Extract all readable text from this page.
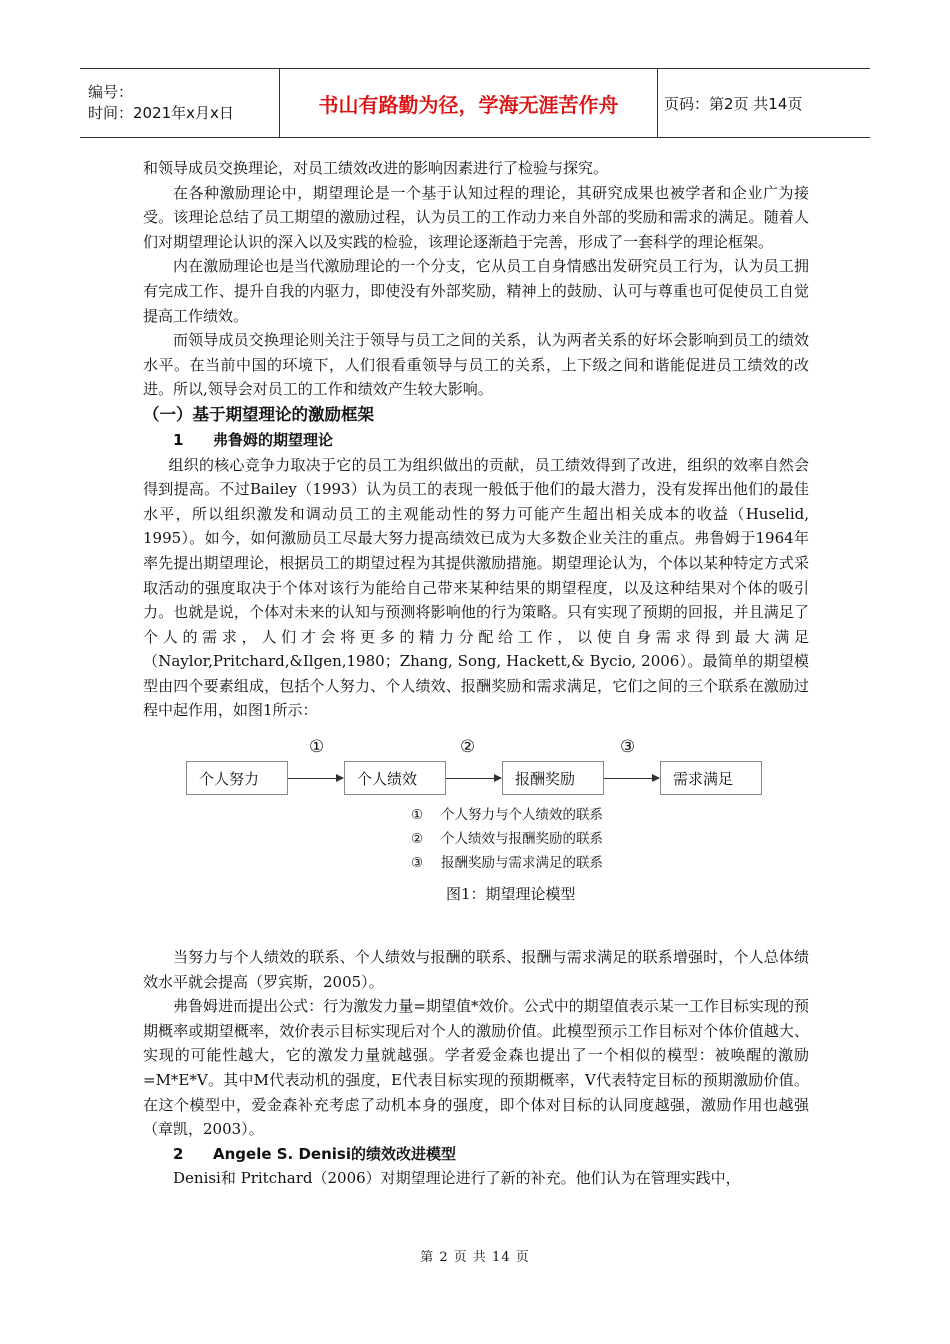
编号：
时间：2021年x月x日	书山有路勤为径，学海无涯苦作舟	页码：第2页 共14页

和领导成员交换理论，对员工绩效改进的影响因素进行了检验与探究。

在各种激励理论中，期望理论是一个基于认知过程的理论，其研究成果也被学者和企业广为接受。该理论总结了员工期望的激励过程，认为员工的工作动力来自外部的奖励和需求的满足。随着人们对期望理论认识的深入以及实践的检验，该理论逐渐趋于完善，形成了一套科学的理论框架。

内在激励理论也是当代激励理论的一个分支，它从员工自身情感出发研究员工行为，认为员工拥有完成工作、提升自我的内驱力，即使没有外部奖励，精神上的鼓励、认可与尊重也可促使员工自觉提高工作绩效。

而领导成员交换理论则关注于领导与员工之间的关系，认为两者关系的好坏会影响到员工的绩效水平。在当前中国的环境下，人们很看重领导与员工的关系，上下级之间和谐能促进员工绩效的改进。所以,领导会对员工的工作和绩效产生较大影响。

（一）基于期望理论的激励框架

1 弗鲁姆的期望理论

组织的核心竞争力取决于它的员工为组织做出的贡献，员工绩效得到了改进，组织的效率自然会得到提高。不过Bailey（1993）认为员工的表现一般低于他们的最大潜力，没有发挥出他们的最佳水平，所以组织激发和调动员工的主观能动性的努力可能产生超出相关成本的收益（Huselid, 1995）。如今，如何激励员工尽最大努力提高绩效已成为大多数企业关注的重点。弗鲁姆于1964年率先提出期望理论，根据员工的期望过程为其提供激励措施。期望理论认为，个体以某种特定方式采取活动的强度取决于个体对该行为能给自己带来某种结果的期望程度，以及这种结果对个体的吸引力。也就是说，个体对未来的认知与预测将影响他的行为策略。只有实现了预期的回报，并且满足了个人的需求，人们才会将更多的精力分配给工作，以使自身需求得到最大满足（Naylor,Pritchard,&Ilgen,1980；Zhang, Song, Hackett,& Bycio, 2006）。最简单的期望模型由四个要素组成，包括个人努力、个人绩效、报酬奖励和需求满足，它们之间的三个联系在激励过程中起作用，如图1所示：

个人努力
①
个人绩效
②
报酬奖励
③
需求满足
①	个人努力与个人绩效的联系
②	个人绩效与报酬奖励的联系
③	报酬奖励与需求满足的联系
图1：期望理论模型

当努力与个人绩效的联系、个人绩效与报酬的联系、报酬与需求满足的联系增强时，个人总体绩效水平就会提高（罗宾斯，2005）。

弗鲁姆进而提出公式：行为激发力量=期望值*效价。公式中的期望值表示某一工作目标实现的预期概率或期望概率，效价表示目标实现后对个人的激励价值。此模型预示工作目标对个体价值越大、实现的可能性越大，它的激发力量就越强。学者爱金森也提出了一个相似的模型：被唤醒的激励=M*E*V。其中M代表动机的强度，E代表目标实现的预期概率，V代表特定目标的预期激励价值。在这个模型中，爱金森补充考虑了动机本身的强度，即个体对目标的认同度越强，激励作用也越强（章凯，2003）。

2 Angele S. Denisi的绩效改进模型

Denisi和 Pritchard（2006）对期望理论进行了新的补充。他们认为在管理实践中，

第 2 页 共 14 页
